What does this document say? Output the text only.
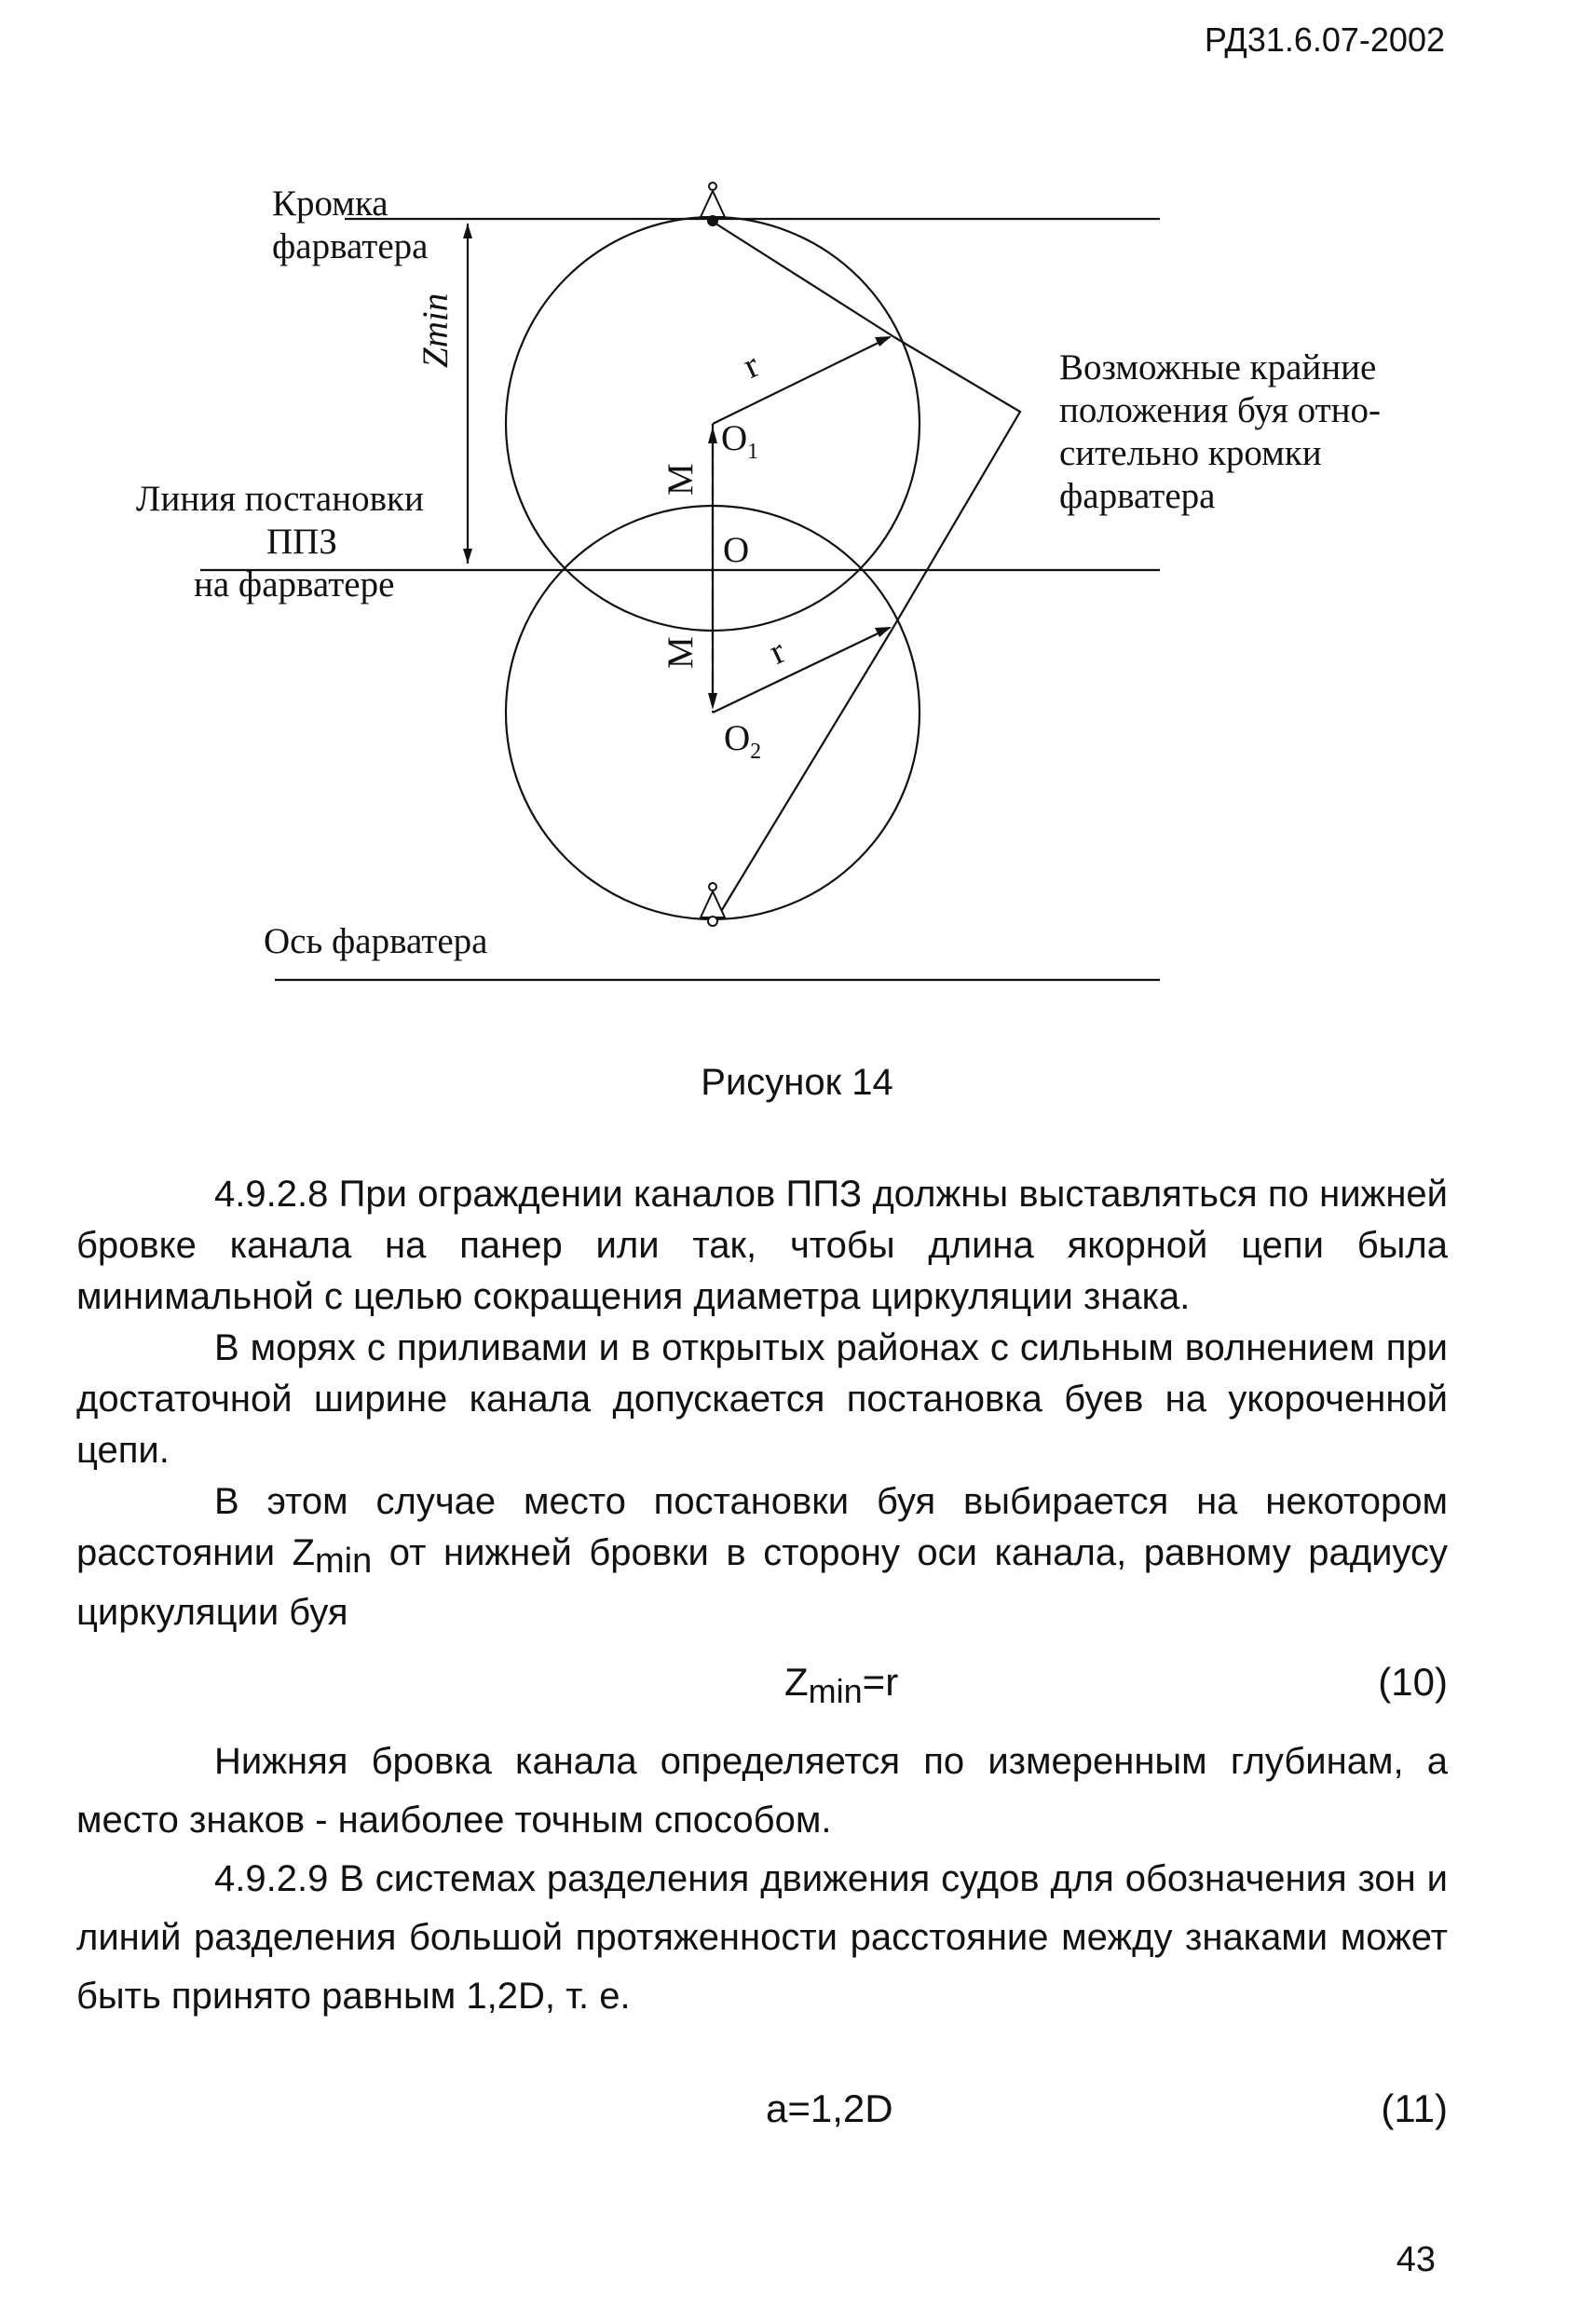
РД31.6.07-2002
Кромка
фарватера
Zmin
Линия постановки
ППЗ
на фарватере
Ось фарватера
Возможные крайние
положения буя отно-
сительно кромки
фарватера
r
r
M
M
$O_1$
O
$O_2$
Рисунок 14

4.9.2.8 При ограждении каналов ППЗ должны выставляться по нижней бровке канала на панер или так, чтобы длина якорной цепи была минимальной с целью сокращения диаметра циркуляции знака.

В морях с приливами и в открытых районах с сильным волнением при достаточной ширине канала допускается постановка буев на укороченной цепи.

В этом случае место постановки буя выбирается на некотором расстоянии $Z_{min}$ от нижней бровки в сторону оси канала, равному радиусу циркуляции буя

$Z_{min}=r$	(10)

Нижняя бровка канала определяется по измеренным глубинам, а место знаков - наиболее точным способом.

4.9.2.9 В системах разделения движения судов для обозначения зон и линий разделения большой протяженности расстояние между знаками может быть принято равным 1,2D, т. е.

a=1,2D	(11)
43
